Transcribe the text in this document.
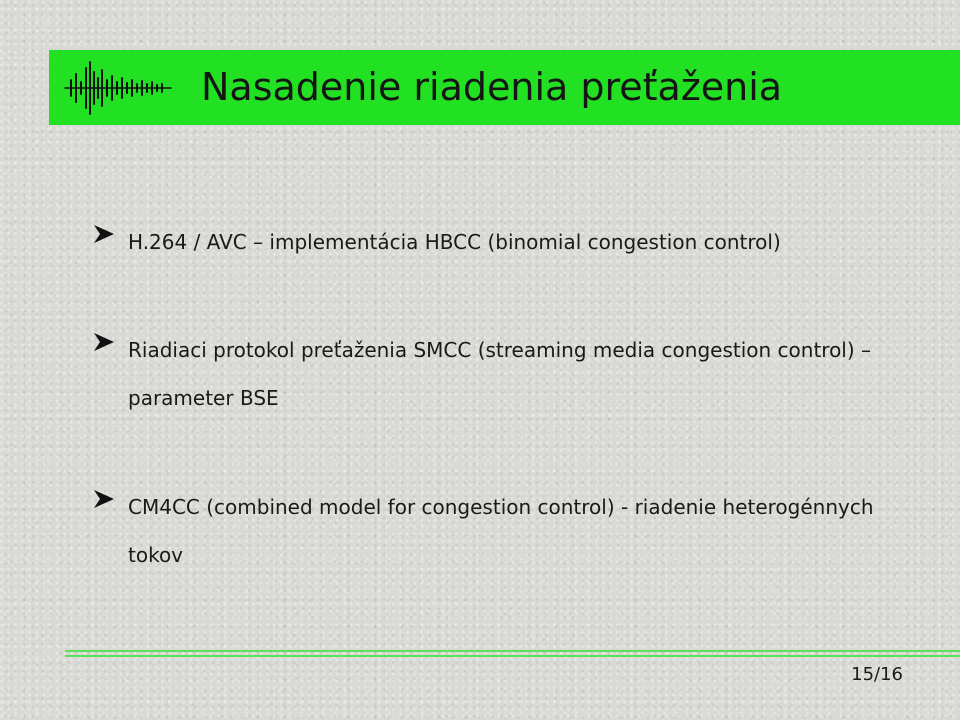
Nasadenie riadenia preťaženia
H.264 / AVC – implementácia HBCC (binomial congestion control)
Riadiaci protokol preťaženia SMCC (streaming media congestion control) – parameter BSE
CM4CC (combined model for congestion control) - riadenie heterogénnych tokov
15/16
